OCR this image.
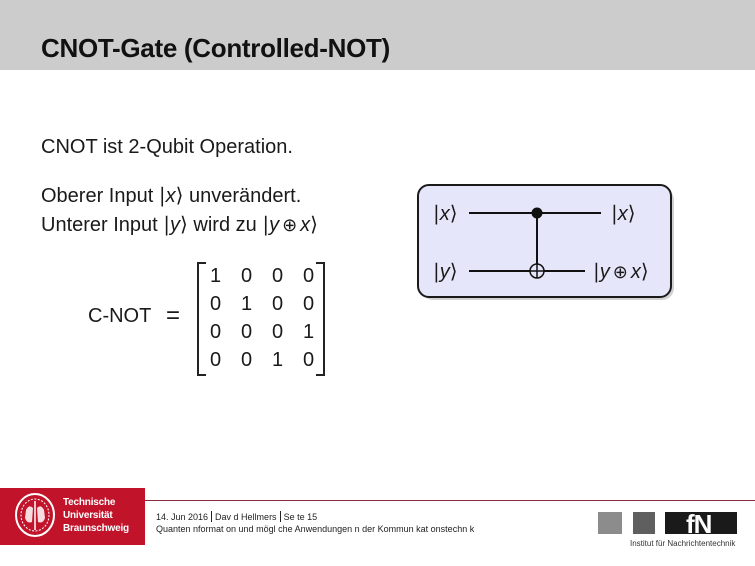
CNOT-Gate (Controlled-NOT)
CNOT ist 2-Qubit Operation.
Oberer Input |x⟩ unverändert.
Unterer Input |y⟩ wird zu |y ⊕ x⟩
C-NOT =
1 0 0 0
0 1 0 0
0 0 0 1
0 0 1 0
|x⟩
|y⟩
|x⟩
|y ⊕ x⟩
Technische
Universität
Braunschweig
14. Jun 2016 Dav d Hellmers Se te 15
Quanten nformat on und mögl che Anwendungen n der Kommun kat onstechn k	fN
Institut für Nachrichtentechnik
